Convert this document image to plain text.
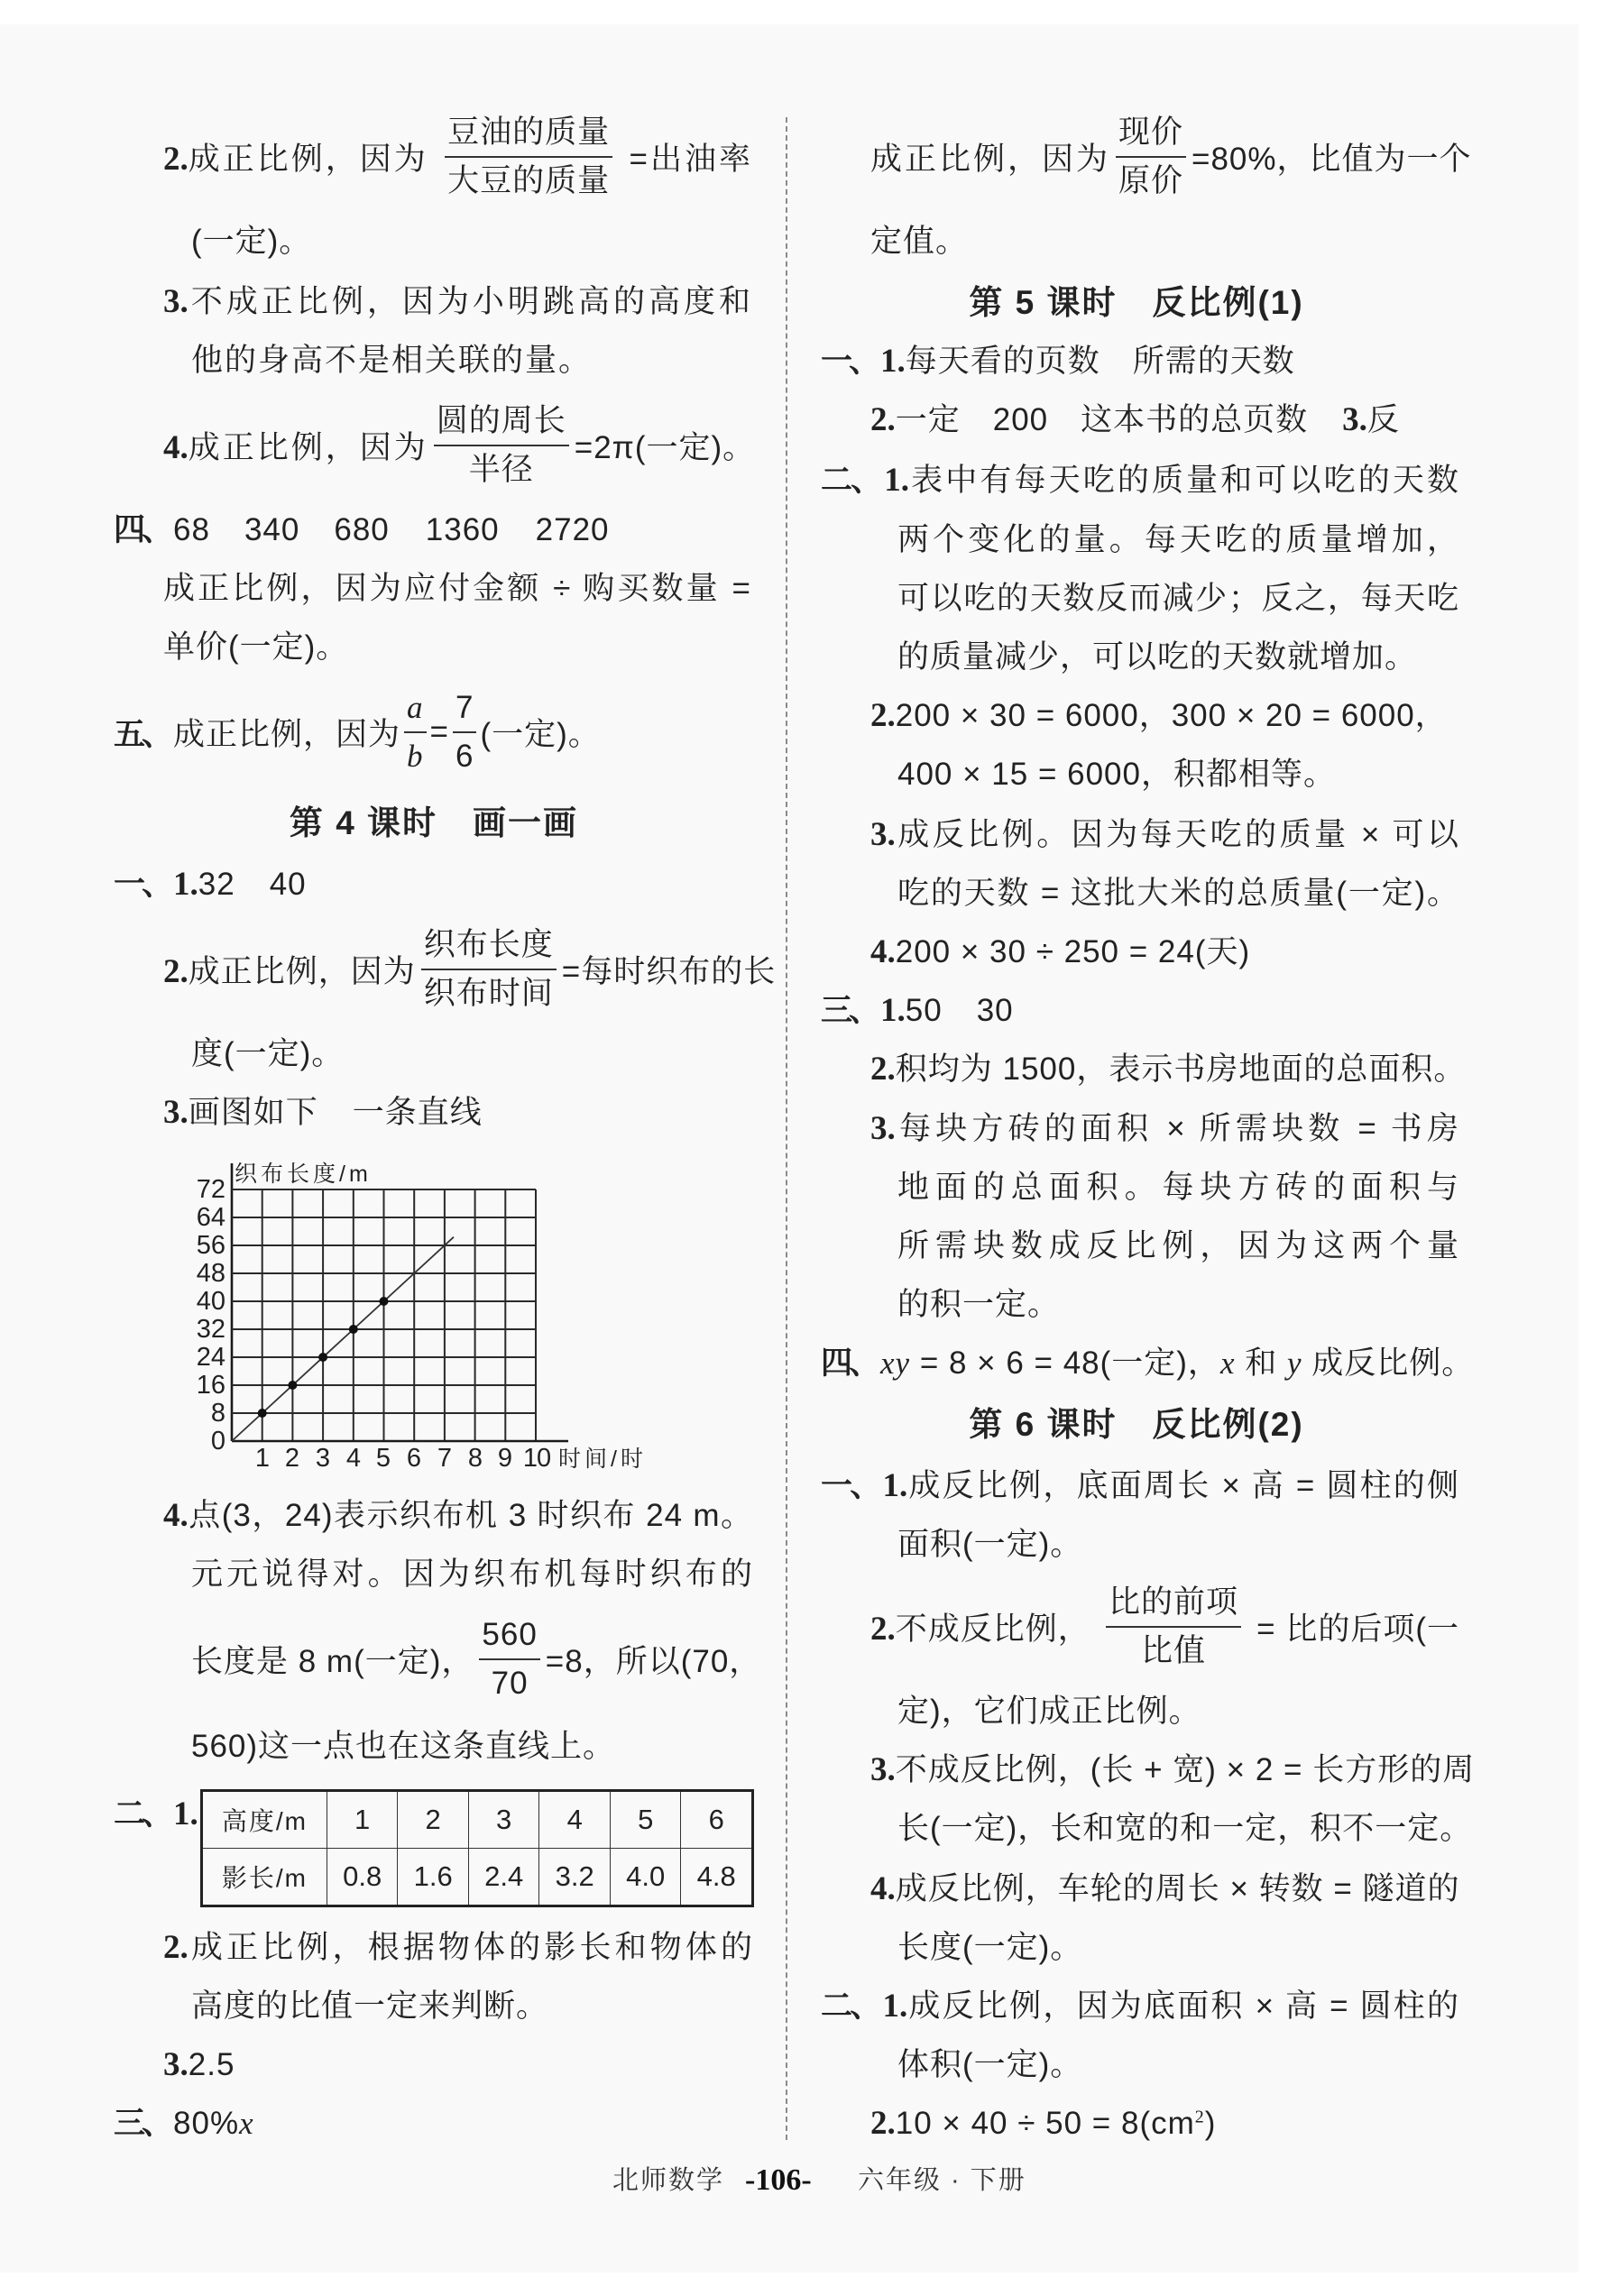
2.成正比例，因为 $\frac{\text{豆油的质量}}{\text{大豆的质量}}$ =出油率
(一定)。
3.不成正比例，因为小明跳高的高度和
他的身高不是相关联的量。
4.成正比例，因为 $\frac{\text{圆的周长}}{\text{半径}} =2\pi$(一定)。
四、 68 340 680 1360 2720
成正比例，因为应付金额 ÷ 购买数量 =
单价(一定)。
五、 成正比例，因为 $\frac{a}{b} = \frac{7}{6}$ (一定)。
第 4 课时　画一画
一、 1.32 40
2.成正比例，因为 $\frac{\text{织布长度}}{\text{织布时间}}$ =每时织布的长
度(一定)。
3.画图如下 一条直线
织布长度/m
0
8
16
24
32
40
48
56
64
72
1 2 3 4 5 6 7 8 9 10 时间/时
4.点(3，24)表示织布机 3 时织布 24 m。
元元说得对。因为织布机每时织布的
长度是 8 m(一定)， $\frac{560}{70} =8$，所以(70，
560)这一点也在这条直线上。
二、 1. 高度/m	1	2	3	4	5	6
影长/m	0.8	1.6	2.4	3.2	4.0	4.8
2.成正比例，根据物体的影长和物体的
高度的比值一定来判断。
3.2.5
三、 80%x
成正比例，因为 $\frac{\text{现价}}{\text{原价}} =80\%$，比值为一个
定值。
第 5 课时　反比例(1)
一、 1.每天看的页数　所需的天数
2.一定　200　这本书的总页数 3.反
二、 1.表中有每天吃的质量和可以吃的天数
两个变化的量。每天吃的质量增加，
可以吃的天数反而减少；反之，每天吃
的质量减少，可以吃的天数就增加。
2.200 × 30 = 6000，300 × 20 = 6000，
400 × 15 = 6000，积都相等。
3.成反比例。因为每天吃的质量 × 可以
吃的天数 = 这批大米的总质量(一定)。
4.200 × 30 ÷ 250 = 24(天)
三、 1.50 30
2.积均为 1500，表示书房地面的总面积。
3.每块方砖的面积 × 所需块数 = 书房
地面的总面积。每块方砖的面积与
所需块数成反比例，因为这两个量
的积一定。
四、 xy = 8 × 6 = 48(一定)，x 和 y 成反比例。
第 6 课时　反比例(2)
一、 1.成反比例，底面周长 × 高 = 圆柱的侧
面积(一定)。
2.不成反比例， $\frac{\text{比的前项}}{\text{比值}}$ = 比的后项(一
定)，它们成正比例。
3.不成反比例，(长 + 宽) × 2 = 长方形的周
长(一定)，长和宽的和一定，积不一定。
4.成反比例，车轮的周长 × 转数 = 隧道的
长度(一定)。
二、 1.成反比例，因为底面积 × 高 = 圆柱的
体积(一定)。
$2.10 \times 40 \div 50 = 8(cm^2)$
北师数学 -106- 六年级 · 下册
